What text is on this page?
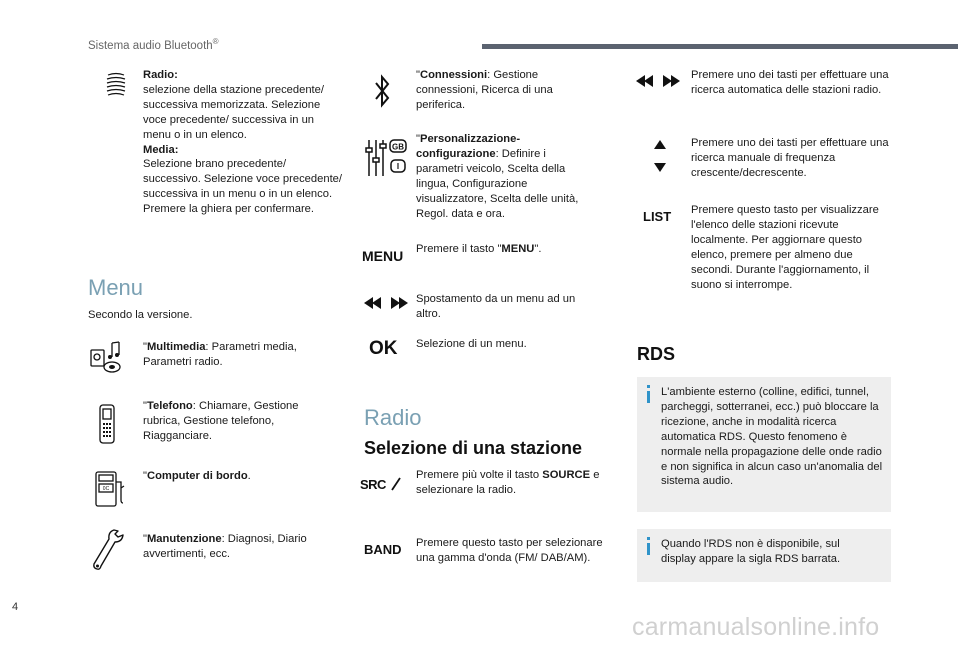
Sistema audio Bluetooth®
Radio:
selezione della stazione precedente/ successiva memorizzata. Selezione voce precedente/ successiva in un menu o in un elenco.
Media:
Selezione brano precedente/ successivo. Selezione voce precedente/ successiva in un menu o in un elenco. Premere la ghiera per confermare.
Menu
Secondo la versione.
"Multimedia: Parametri media, Parametri radio.
"Telefono: Chiamare, Gestione rubrica, Gestione telefono, Riagganciare.
0C
"Computer di bordo.
"Manutenzione: Diagnosi, Diario avvertimenti, ecc.
"Connessioni: Gestione connessioni, Ricerca di una periferica.
GB
I
"Personalizzazione-configurazione: Definire i parametri veicolo, Scelta della lingua, Configurazione visualizzatore, Scelta delle unità, Regol. data e ora.
MENU Premere il tasto "MENU".
Spostamento da un menu ad un altro.
OK Selezione di un menu.
Radio
Selezione di una stazione
SRC
Premere più volte il tasto SOURCE e selezionare la radio.
BAND Premere questo tasto per selezionare una gamma d'onda (FM/ DAB/AM).
Premere uno dei tasti per effettuare una ricerca automatica delle stazioni radio.
Premere uno dei tasti per effettuare una ricerca manuale di frequenza crescente/decrescente.
LIST Premere questo tasto per visualizzare l'elenco delle stazioni ricevute localmente. Per aggiornare questo elenco, premere per almeno due secondi. Durante l'aggiornamento, il suono si interrompe.
RDS
L'ambiente esterno (colline, edifici, tunnel, parcheggi, sotterranei, ecc.) può bloccare la ricezione, anche in modalità ricerca automatica RDS. Questo fenomeno è normale nella propagazione delle onde radio e non significa in alcun caso un'anomalia del sistema audio.
Quando l'RDS non è disponibile, sul display appare la sigla RDS barrata.
4
carmanualsonline.info
